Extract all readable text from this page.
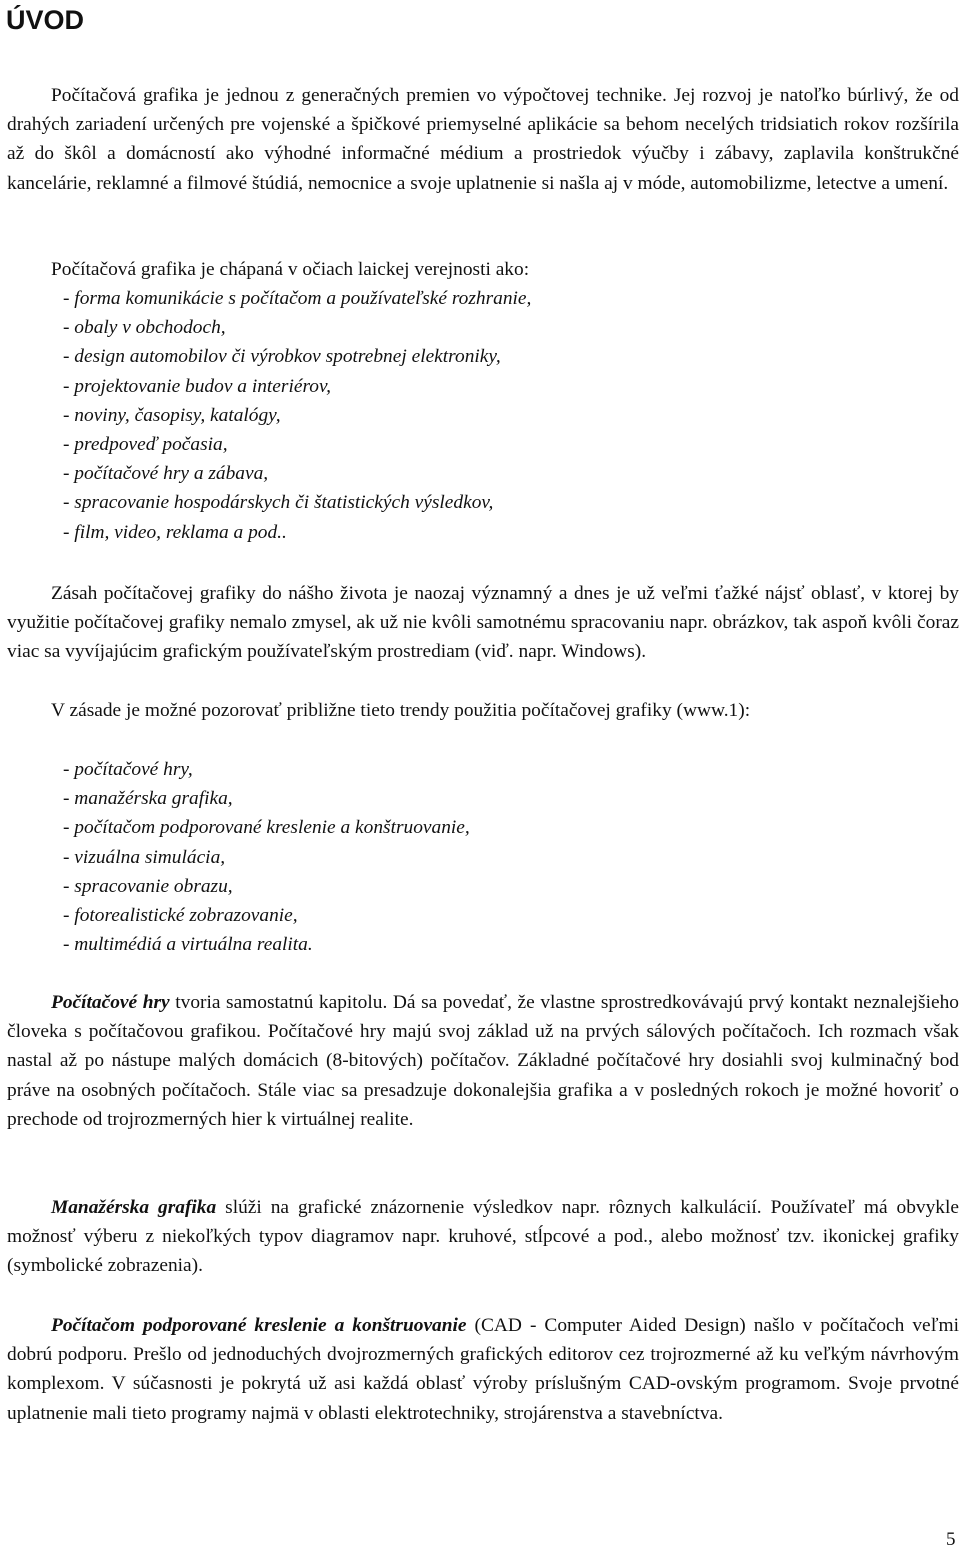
ÚVOD

Počítačová grafika je jednou z generačných premien vo výpočtovej technike. Jej rozvoj je natoľko búrlivý, že od drahých zariadení určených pre vojenské a špičkové priemyselné aplikácie sa behom necelých tridsiatich rokov rozšírila až do škôl a domácností ako výhodné informačné médium a prostriedok výučby i zábavy, zaplavila konštrukčné kancelárie, reklamné a filmové štúdiá, nemocnice a svoje uplatnenie si našla aj v móde, automobilizme, letectve a umení.

Počítačová grafika je chápaná v očiach laickej verejnosti ako:

- forma komunikácie s počítačom a používateľské rozhranie,
- obaly v obchodoch,
- design automobilov či výrobkov spotrebnej elektroniky,
- projektovanie budov a interiérov,
- noviny, časopisy, katalógy,
- predpoveď počasia,
- počítačové hry a zábava,
- spracovanie hospodárskych či štatistických výsledkov,
- film, video, reklama a pod..

Zásah počítačovej grafiky do nášho života je naozaj významný a dnes je už veľmi ťažké nájsť oblasť, v ktorej by využitie počítačovej grafiky nemalo zmysel, ak už nie kvôli samotnému spracovaniu napr. obrázkov, tak aspoň kvôli čoraz viac sa vyvíjajúcim grafickým používateľským prostrediam (viď. napr. Windows).

V zásade je možné pozorovať približne tieto trendy použitia počítačovej grafiky (www.1):

- počítačové hry,
- manažérska grafika,
- počítačom podporované kreslenie a konštruovanie,
- vizuálna simulácia,
- spracovanie obrazu,
- fotorealistické zobrazovanie,
- multimédiá a virtuálna realita.

Počítačové hry tvoria samostatnú kapitolu. Dá sa povedať, že vlastne sprostredkovávajú prvý kontakt neznalejšieho človeka s počítačovou grafikou. Počítačové hry majú svoj základ už na prvých sálových počítačoch. Ich rozmach však nastal až po nástupe malých domácich (8-bitových) počítačov. Základné počítačové hry dosiahli svoj kulminačný bod práve na osobných počítačoch. Stále viac sa presadzuje dokonalejšia grafika a v posledných rokoch je možné hovoriť o prechode od trojrozmerných hier k virtuálnej realite.

Manažérska grafika slúži na grafické znázornenie výsledkov napr. rôznych kalkulácií. Používateľ má obvykle možnosť výberu z niekoľkých typov diagramov napr. kruhové, stĺpcové a pod., alebo možnosť tzv. ikonickej grafiky (symbolické zobrazenia).

Počítačom podporované kreslenie a konštruovanie (CAD - Computer Aided Design) našlo v počítačoch veľmi dobrú podporu. Prešlo od jednoduchých dvojrozmerných grafických editorov cez trojrozmerné až ku veľkým návrhovým komplexom. V súčasnosti je pokrytá už asi každá oblasť výroby príslušným CAD-ovským programom. Svoje prvotné uplatnenie mali tieto programy najmä v oblasti elektrotechniky, strojárenstva a stavebníctva.

5
